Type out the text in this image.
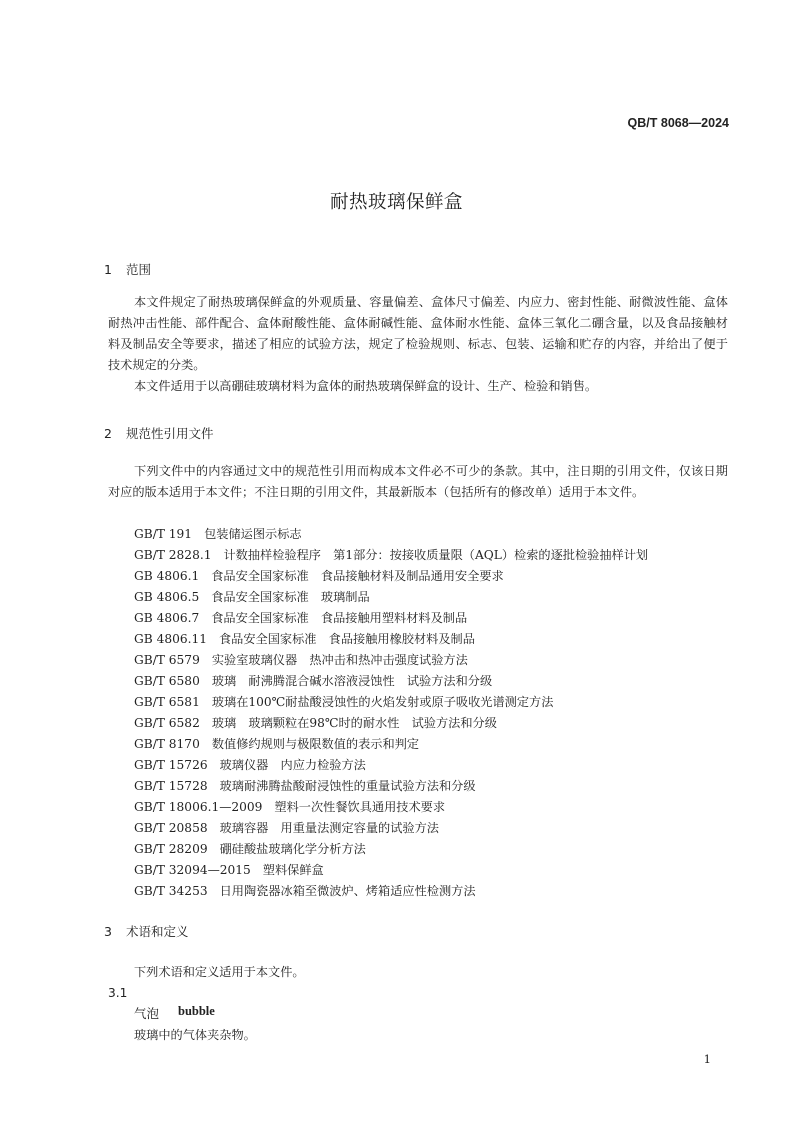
QB/T 8068—2024
耐热玻璃保鲜盒
1 范围

本文件规定了耐热玻璃保鲜盒的外观质量、容量偏差、盒体尺寸偏差、内应力、密封性能、耐微波性能、盒体耐热冲击性能、部件配合、盒体耐酸性能、盒体耐碱性能、盒体耐水性能、盒体三氧化二硼含量，以及食品接触材料及制品安全等要求，描述了相应的试验方法，规定了检验规则、标志、包装、运输和贮存的内容，并给出了便于技术规定的分类。

本文件适用于以高硼硅玻璃材料为盒体的耐热玻璃保鲜盒的设计、生产、检验和销售。

2 规范性引用文件

下列文件中的内容通过文中的规范性引用而构成本文件必不可少的条款。其中，注日期的引用文件，仅该日期对应的版本适用于本文件；不注日期的引用文件，其最新版本（包括所有的修改单）适用于本文件。

GB/T 191 包装储运图示标志
GB/T 2828.1 计数抽样检验程序　第1部分：按接收质量限（AQL）检索的逐批检验抽样计划
GB 4806.1 食品安全国家标准　食品接触材料及制品通用安全要求
GB 4806.5 食品安全国家标准　玻璃制品
GB 4806.7 食品安全国家标准　食品接触用塑料材料及制品
GB 4806.11 食品安全国家标准　食品接触用橡胶材料及制品
GB/T 6579 实验室玻璃仪器　热冲击和热冲击强度试验方法
GB/T 6580 玻璃　耐沸腾混合碱水溶液浸蚀性　试验方法和分级
GB/T 6581 玻璃在100℃耐盐酸浸蚀性的火焰发射或原子吸收光谱测定方法
GB/T 6582 玻璃　玻璃颗粒在98℃时的耐水性　试验方法和分级
GB/T 8170 数值修约规则与极限数值的表示和判定
GB/T 15726 玻璃仪器　内应力检验方法
GB/T 15728 玻璃耐沸腾盐酸耐浸蚀性的重量试验方法和分级
GB/T 18006.1—2009 塑料一次性餐饮具通用技术要求
GB/T 20858 玻璃容器　用重量法测定容量的试验方法
GB/T 28209 硼硅酸盐玻璃化学分析方法
GB/T 32094—2015 塑料保鲜盒
GB/T 34253 日用陶瓷器冰箱至微波炉、烤箱适应性检测方法
3 术语和定义

下列术语和定义适用于本文件。

3.1
气泡 bubble
玻璃中的气体夹杂物。
1
